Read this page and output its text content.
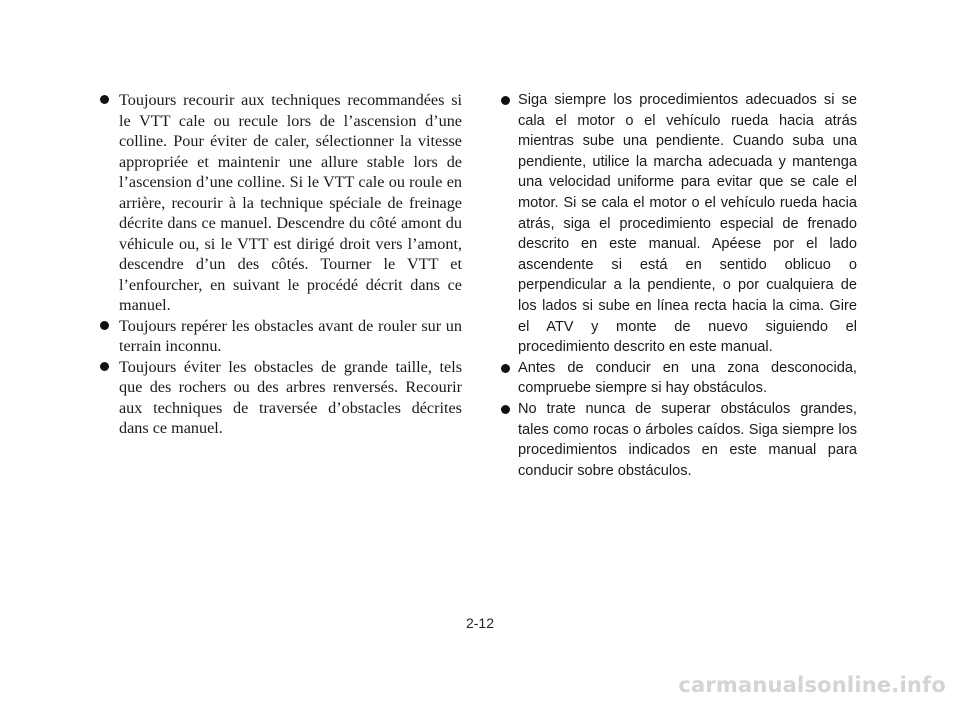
Toujours recourir aux techniques recommandées si le VTT cale ou recule lors de l’ascension d’une colline. Pour éviter de caler, sélectionner la vitesse appropriée et maintenir une allure stable lors de l’ascension d’une colline. Si le VTT cale ou roule en arrière, recourir à la technique spéciale de freinage décrite dans ce manuel. Descendre du côté amont du véhicule ou, si le VTT est dirigé droit vers l’amont, descendre d’un des côtés. Tourner le VTT et l’enfourcher, en suivant le procédé décrit dans ce manuel.
Toujours repérer les obstacles avant de rouler sur un terrain inconnu.
Toujours éviter les obstacles de grande taille, tels que des rochers ou des arbres renversés. Recourir aux techniques de traversée d’obstacles décrites dans ce manuel.
Siga siempre los procedimientos adecuados si se cala el motor o el vehículo rueda hacia atrás mientras sube una pendiente. Cuando suba una pendiente, utilice la marcha adecuada y mantenga una velocidad uniforme para evitar que se cale el motor. Si se cala el motor o el vehículo rueda hacia atrás, siga el procedimiento especial de frenado descrito en este manual. Apéese por el lado ascendente si está en sentido oblicuo o perpendicular a la pendiente, o por cualquiera de los lados si sube en línea recta hacia la cima. Gire el ATV y monte de nuevo siguiendo el procedimiento descrito en este manual.
Antes de conducir en una zona desconocida, compruebe siempre si hay obstáculos.
No trate nunca de superar obstáculos grandes, tales como rocas o árboles caídos. Siga siempre los procedimientos indicados en este manual para conducir sobre obstáculos.
2-12
carmanualsonline.info
